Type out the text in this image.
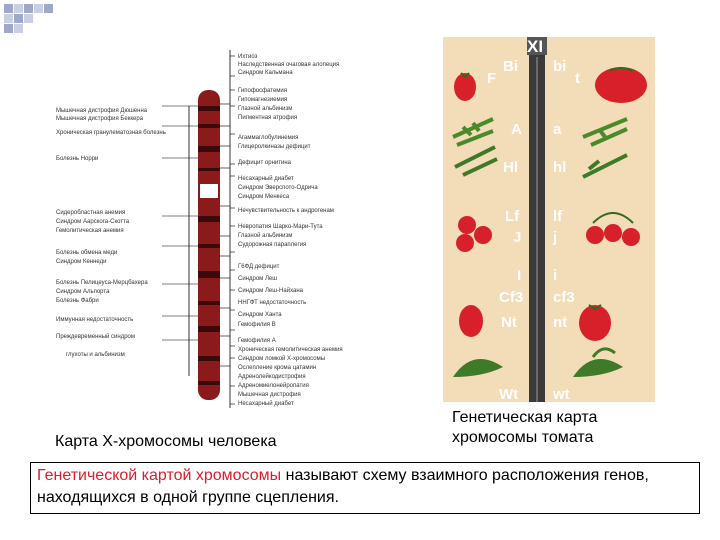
Ихтиоз
Наследственная очаговая алопеция
Синдром Кальмана
Гипофосфатемия
Гипомагнезиемия
Глазной альбинизм
Пигментная атрофия
Агаммаглобулинемия
Глицеролкиназы дефицит
Дефицит орнитина
Несахарный диабет
Синдром Эверспото-Одрича
Синдром Менкеса
Нечувствительность к андрогенам
Невропатия Шарко-Мари-Тута
Глазной альбинизм
Судорожная параплегия
Г6ФД дефицит
Синдром Леш
Синдром Леш-Найхана
ННГФТ недостаточность
Синдром Ханта
Гемофилия В
Гемофилия А
Хроническая гемолитическая анемия
Синдром ломкой Х-хромосомы
Ослепление крома цатамин
Адренолейкодистрофия
Адреномиелонейропатия
Мышечная дистрофия
Несахарный диабет
Мышечная дистрофия Дюшенна
Мышечная дистрофия Беккера
Хроническая гранулематозная болезнь
Болезнь Норри
Сидеробластная анемия
Синдром Аарскога-Скотта
Гемолитическая анемия
Болезнь обмена меди
Синдром Кеннеди
Болезнь Пелицеуса-Мерцбахера
Синдром Альпорта
Болезнь Фабри
Иммунная недостаточность
Преждевременный синдром
глухоты и альбинизм
Карта Х-хромосомы человека
XI
Bi
F
A
Hl
Lf
J
I
Cf3
Nt
Wt
bi
t
a
hl
lf
j
i
cf3
nt
wt
Генетическая карта
хромосомы томата
Генетической картой хромосомы называют схему взаимного расположения генов, находящихся в одной группе сцепления.
